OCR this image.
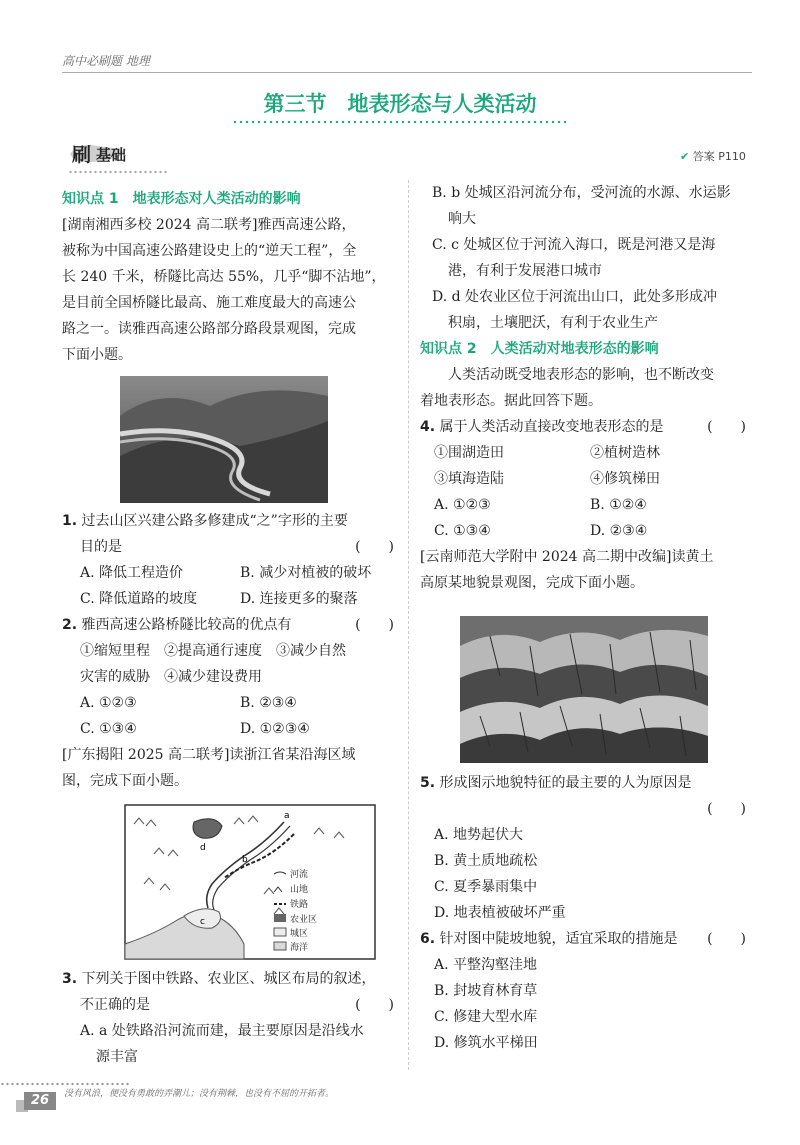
高中必刷题 地理
第三节　地表形态与人类活动
刷 基础	✔ 答案 P110
知识点 1　地表形态对人类活动的影响
[湖南湘西多校 2024 高二联考]雅西高速公路，
被称为中国高速公路建设史上的“逆天工程”，全
长 240 千米，桥隧比高达 55%，几乎“脚不沾地”，
是目前全国桥隧比最高、施工难度最大的高速公
路之一。读雅西高速公路部分路段景观图，完成
下面小题。
1. 过去山区兴建公路多修建成“之”字形的主要
目的是	(　　)
A. 降低工程造价	B. 减少对植被的破坏
C. 降低道路的坡度	D. 连接更多的聚落
2. 雅西高速公路桥隧比较高的优点有	(　　)
①缩短里程　②提高通行速度　③减少自然
灾害的威胁　④减少建设费用
A. ①②③	B. ②③④
C. ①③④	D. ①②③④
[广东揭阳 2025 高二联考]读浙江省某沿海区域
图，完成下面小题。
a
b
c
d
河流
山地
铁路
农业区
城区
海洋
3. 下列关于图中铁路、农业区、城区布局的叙述，
不正确的是	(　　)
A. a 处铁路沿河流而建，最主要原因是沿线水
源丰富
B. b 处城区沿河流分布，受河流的水源、水运影
响大
C. c 处城区位于河流入海口，既是河港又是海
港，有利于发展港口城市
D. d 处农业区位于河流出山口，此处多形成冲
积扇，土壤肥沃，有利于农业生产
知识点 2　人类活动对地表形态的影响
人类活动既受地表形态的影响，也不断改变
着地表形态。据此回答下题。
4. 属于人类活动直接改变地表形态的是	(　　)
①围湖造田	②植树造林
③填海造陆	④修筑梯田
A. ①②③	B. ①②④
C. ①③④	D. ②③④
[云南师范大学附中 2024 高二期中改编]读黄土
高原某地貌景观图，完成下面小题。
5. 形成图示地貌特征的最主要的人为原因是
(　　)
A. 地势起伏大
B. 黄土质地疏松
C. 夏季暴雨集中
D. 地表植被破坏严重
6. 针对图中陡坡地貌，适宜采取的措施是 (　　)
A. 平整沟壑洼地
B. 封坡育林育草
C. 修建大型水库
D. 修筑水平梯田
26	没有风浪，便没有勇敢的弄潮儿；没有荆棘，也没有不屈的开拓者。
